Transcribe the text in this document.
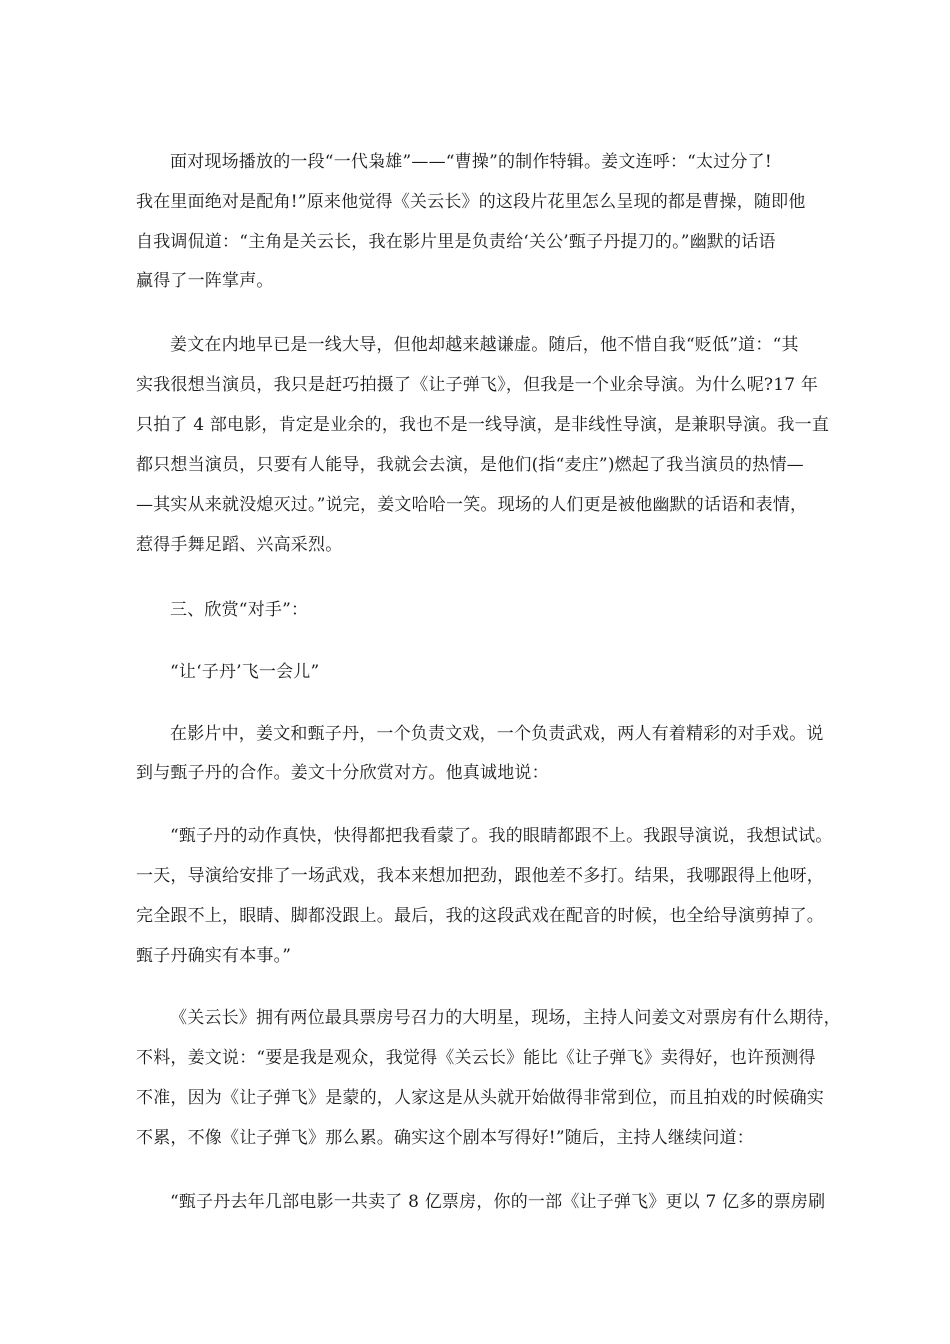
面对现场播放的一段“一代枭雄”——“曹操”的制作特辑。姜文连呼：“太过分了!
我在里面绝对是配角!”原来他觉得《关云长》的这段片花里怎么呈现的都是曹操，随即他
自我调侃道：“主角是关云长，我在影片里是负责给‘关公’甄子丹提刀的。”幽默的话语
赢得了一阵掌声。
姜文在内地早已是一线大导，但他却越来越谦虚。随后，他不惜自我“贬低”道：“其
实我很想当演员，我只是赶巧拍摄了《让子弹飞》，但我是一个业余导演。为什么呢?17 年
只拍了 4 部电影，肯定是业余的，我也不是一线导演，是非线性导演，是兼职导演。我一直
都只想当演员，只要有人能导，我就会去演，是他们(指“麦庄”)燃起了我当演员的热情—
—其实从来就没熄灭过。”说完，姜文哈哈一笑。现场的人们更是被他幽默的话语和表情，
惹得手舞足蹈、兴高采烈。
三、欣赏“对手”：
“让‘子丹’飞一会儿”
在影片中，姜文和甄子丹，一个负责文戏，一个负责武戏，两人有着精彩的对手戏。说
到与甄子丹的合作。姜文十分欣赏对方。他真诚地说：
“甄子丹的动作真快，快得都把我看蒙了。我的眼睛都跟不上。我跟导演说，我想试试。
一天，导演给安排了一场武戏，我本来想加把劲，跟他差不多打。结果，我哪跟得上他呀，
完全跟不上，眼睛、脚都没跟上。最后，我的这段武戏在配音的时候，也全给导演剪掉了。
甄子丹确实有本事。”
《关云长》拥有两位最具票房号召力的大明星，现场，主持人问姜文对票房有什么期待，
不料，姜文说：“要是我是观众，我觉得《关云长》能比《让子弹飞》卖得好，也许预测得
不准，因为《让子弹飞》是蒙的，人家这是从头就开始做得非常到位，而且拍戏的时候确实
不累，不像《让子弹飞》那么累。确实这个剧本写得好!”随后，主持人继续问道：
“甄子丹去年几部电影一共卖了 8 亿票房，你的一部《让子弹飞》更以 7 亿多的票房刷
